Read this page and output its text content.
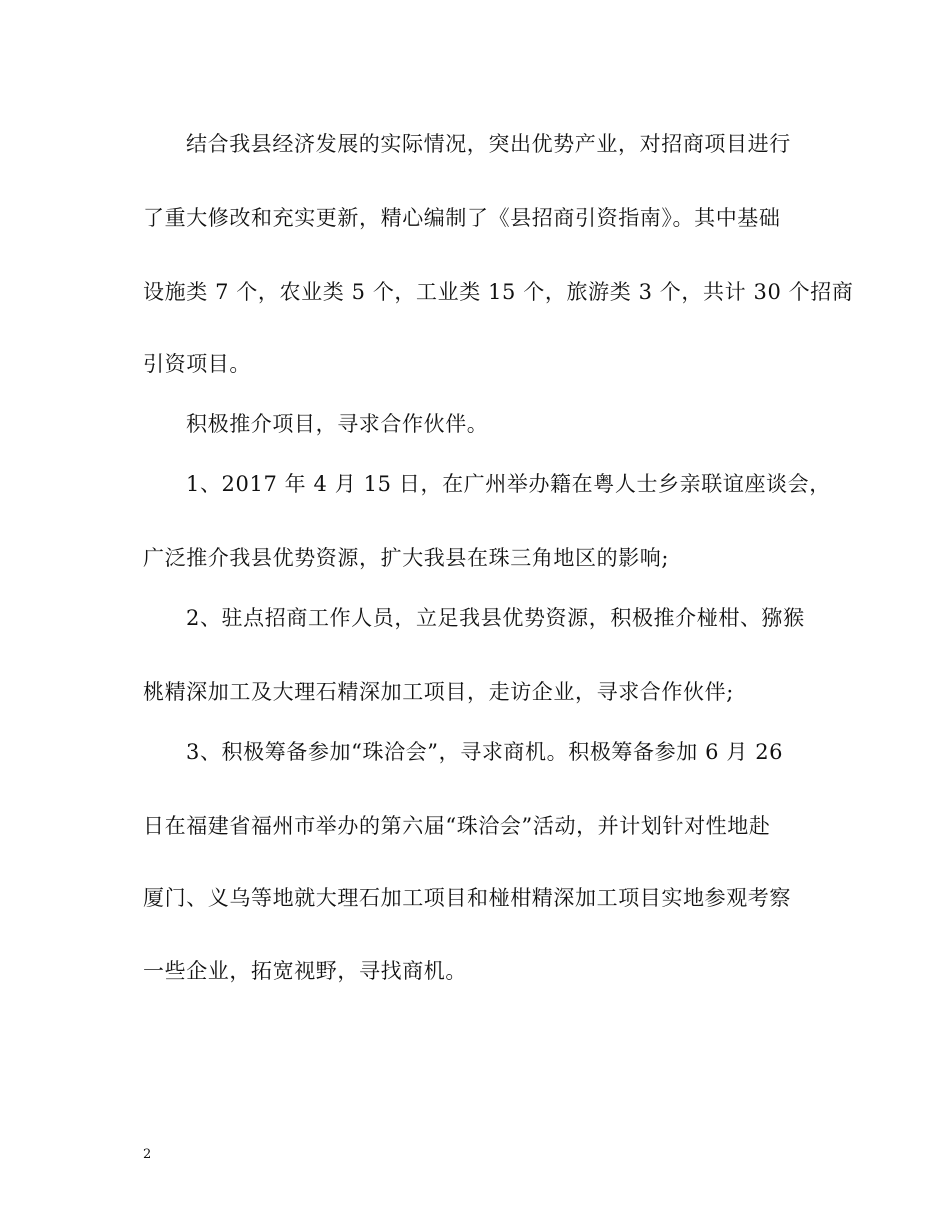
结合我县经济发展的实际情况，突出优势产业，对招商项目进行
了重大修改和充实更新，精心编制了《县招商引资指南》。其中基础
设施类 7 个，农业类 5 个，工业类 15 个，旅游类 3 个，共计 30 个招商
引资项目。
积极推介项目，寻求合作伙伴。
1、2017 年 4 月 15 日，在广州举办籍在粤人士乡亲联谊座谈会，
广泛推介我县优势资源，扩大我县在珠三角地区的影响;
2、驻点招商工作人员，立足我县优势资源，积极推介椪柑、猕猴
桃精深加工及大理石精深加工项目，走访企业，寻求合作伙伴;
3、积极筹备参加“珠洽会”，寻求商机。积极筹备参加 6 月 26
日在福建省福州市举办的第六届“珠洽会”活动，并计划针对性地赴
厦门、义乌等地就大理石加工项目和椪柑精深加工项目实地参观考察
一些企业，拓宽视野，寻找商机。
2
